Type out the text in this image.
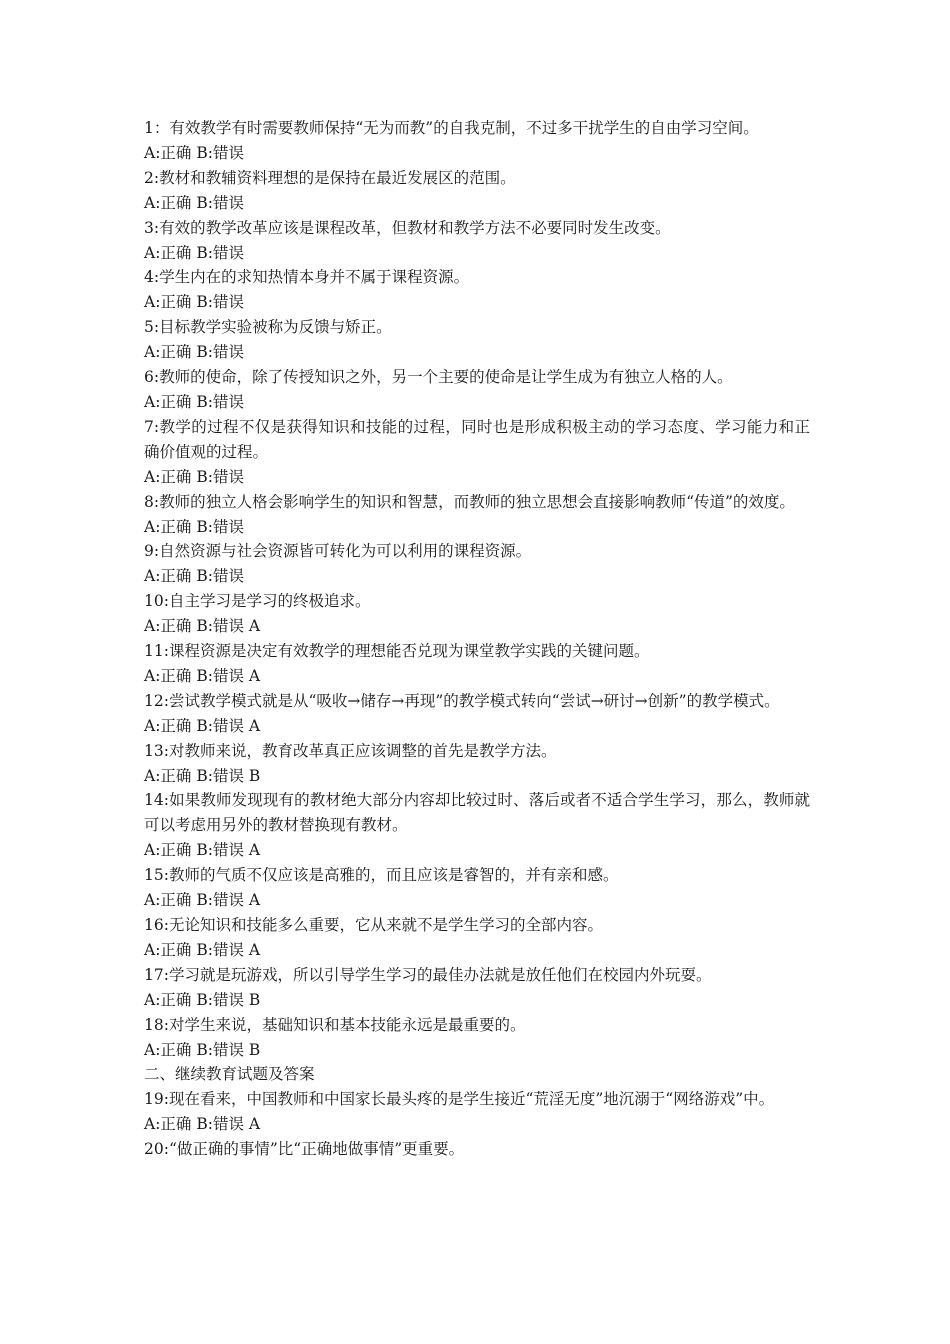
1：有效教学有时需要教师保持“无为而教”的自我克制，不过多干扰学生的自由学习空间。
A:正确 B:错误
2:教材和教辅资料理想的是保持在最近发展区的范围。
A:正确 B:错误
3:有效的教学改革应该是课程改革，但教材和教学方法不必要同时发生改变。
A:正确 B:错误
4:学生内在的求知热情本身并不属于课程资源。
A:正确 B:错误
5:目标教学实验被称为反馈与矫正。
A:正确 B:错误
6:教师的使命，除了传授知识之外，另一个主要的使命是让学生成为有独立人格的人。
A:正确 B:错误
7:教学的过程不仅是获得知识和技能的过程，同时也是形成积极主动的学习态度、学习能力和正确价值观的过程。
A:正确 B:错误
8:教师的独立人格会影响学生的知识和智慧，而教师的独立思想会直接影响教师“传道”的效度。
A:正确 B:错误
9:自然资源与社会资源皆可转化为可以利用的课程资源。
A:正确 B:错误
10:自主学习是学习的终极追求。
A:正确 B:错误 A
11:课程资源是决定有效教学的理想能否兑现为课堂教学实践的关键问题。
A:正确 B:错误 A
12:尝试教学模式就是从“吸收→储存→再现”的教学模式转向“尝试→研讨→创新”的教学模式。
A:正确 B:错误 A
13:对教师来说，教育改革真正应该调整的首先是教学方法。
A:正确 B:错误 B
14:如果教师发现现有的教材绝大部分内容却比较过时、落后或者不适合学生学习，那么，教师就可以考虑用另外的教材替换现有教材。
A:正确 B:错误 A
15:教师的气质不仅应该是高雅的，而且应该是睿智的，并有亲和感。
A:正确 B:错误 A
16:无论知识和技能多么重要，它从来就不是学生学习的全部内容。
A:正确 B:错误 A
17:学习就是玩游戏，所以引导学生学习的最佳办法就是放任他们在校园内外玩耍。
A:正确 B:错误 B
18:对学生来说，基础知识和基本技能永远是最重要的。
A:正确 B:错误 B
二、继续教育试题及答案
19:现在看来，中国教师和中国家长最头疼的是学生接近“荒淫无度”地沉溺于“网络游戏”中。
A:正确 B:错误 A
20:“做正确的事情”比“正确地做事情”更重要。
